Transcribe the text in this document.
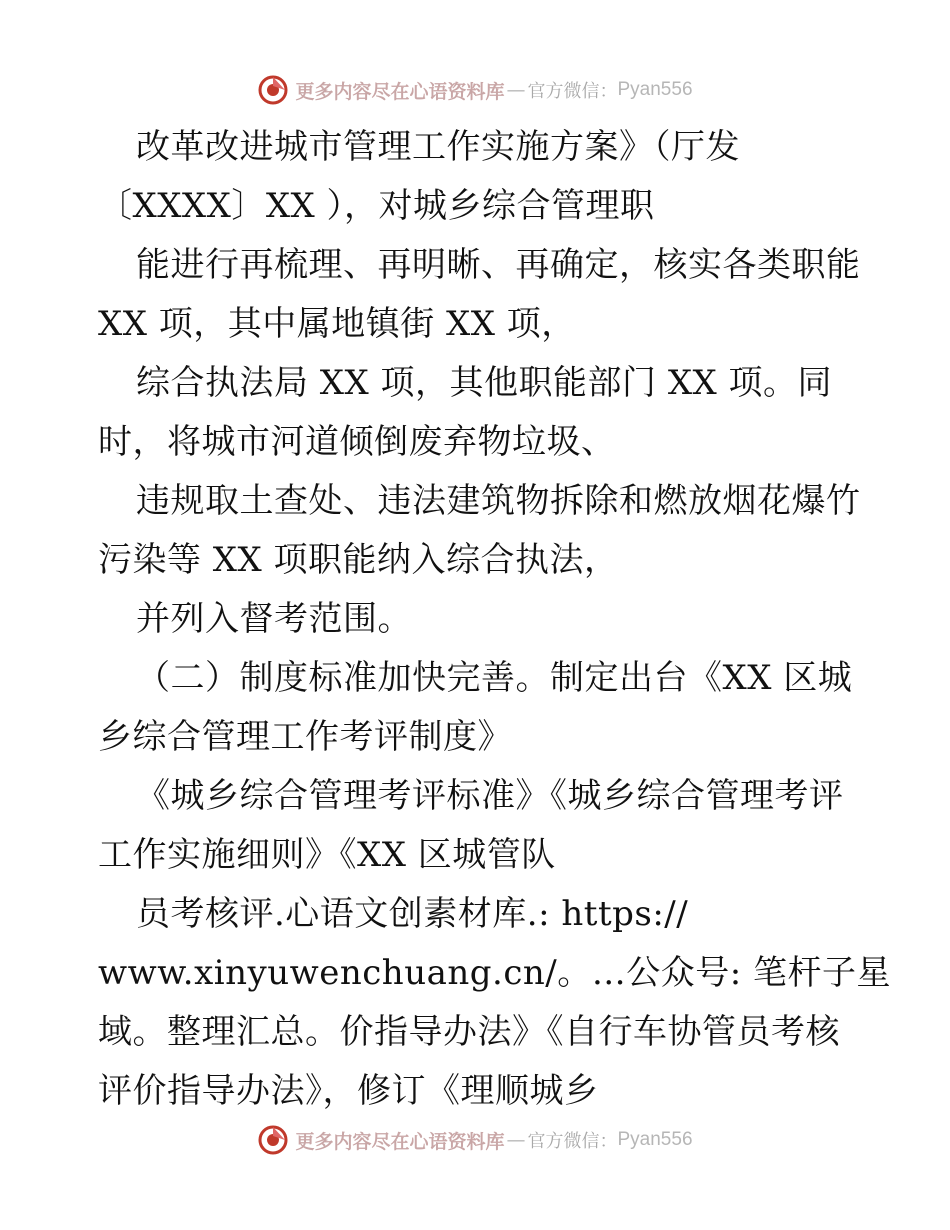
更多内容尽在心语资料库 — 官方微信： Pyan556
改革改进城市管理工作实施方案》（厅发
〔XXXX〕XX ），对城乡综合管理职
能进行再梳理、再明晰、再确定，核实各类职能
XX 项，其中属地镇街 XX 项，
综合执法局 XX 项，其他职能部门 XX 项。同
时，将城市河道倾倒废弃物垃圾、
违规取土查处、违法建筑物拆除和燃放烟花爆竹
污染等 XX 项职能纳入综合执法，
并列入督考范围。
（二）制度标准加快完善。制定出台《XX 区城
乡综合管理工作考评制度》
《城乡综合管理考评标准》《城乡综合管理考评
工作实施细则》《XX 区城管队
员考核评.心语文创素材库.: https://
www.xinyuwenchuang.cn/。…公众号: 笔杆子星
域。整理汇总。价指导办法》《自行车协管员考核
评价指导办法》，修订《理顺城乡
更多内容尽在心语资料库 — 官方微信： Pyan556
